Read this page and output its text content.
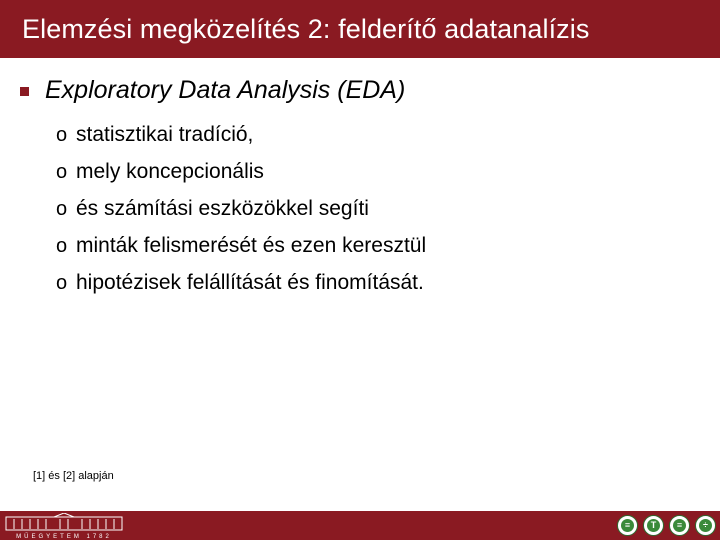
Elemzési megközelítés 2: felderítő adatanalízis
Exploratory Data Analysis (EDA)
o statisztikai tradíció,
o mely koncepcionális
o és számítási eszközökkel segíti
o minták felismerését és ezen keresztül
o hipotézisek felállítását és finomítását.
[1] és [2] alapján
MŰEGYETEM 1782
≡	T	≡	÷
